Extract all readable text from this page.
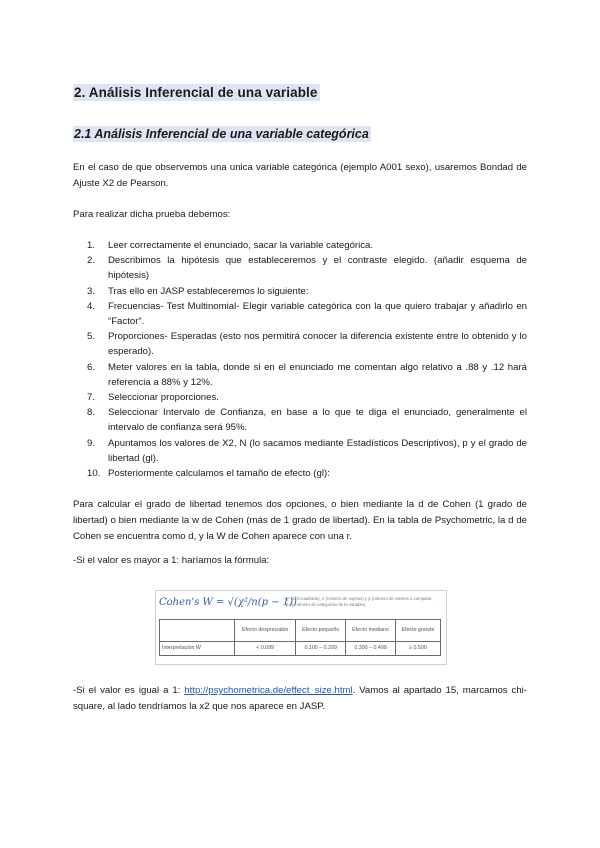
2. Análisis Inferencial de una variable
2.1 Análisis Inferencial de una variable categórica
En el caso de que observemos una unica variable categórica (ejemplo A001 sexo), usaremos Bondad de Ajuste X2 de Pearson.
Para realizar dicha prueba debemos:
1. Leer correctamente el enunciado, sacar la variable categórica.
2. Describimos la hipótesis que estableceremos y el contraste elegido. (añadir esquema de hipótesis)
3. Tras ello en JASP estableceremos lo siguiente:
4. Frecuencias- Test Multinomial- Elegir variable categórica con la que quiero trabajar y añadirlo en “Factor”.
5. Proporciones- Esperadas (esto nos permitirá conocer la diferencia existente entre lo obtenido y lo esperado).
6. Meter valores en la tabla, donde si en el enunciado me comentan algo relativo a .88 y .12 hará referencia a 88% y 12%.
7. Seleccionar proporciones.
8. Seleccionar Intervalo de Confianza, en base a lo que te diga el enunciado, generalmente el intervalo de confianza será 95%.
9. Apuntamos los valores de X2, N (lo sacamos mediante Estadísticos Descriptivos), p y el grado de libertad (gl).
10. Posteriormente calculamos el tamaño de efecto (gl):
Para calcular el grado de libertad tenemos dos opciones, o bien mediante la d de Cohen (1 grado de libertad) o bien mediante la w de Cohen (más de 1 grado de libertad). En la tabla de Psychometric, la d de Cohen se encuentra como d, y la W de Cohen aparece con una r.
-Si el valor es mayor a 1: haríamos la fórmula:
Cohen's W = √(χ²/n(p − 1))
χ² (Chi-cuadrado), n (número de sujetos) y p (número de valores a comparar, p.ej. número de categorías de la variable)
	Efecto despreciable	Efecto pequeño	Efecto mediano	Efecto grande
Interpretación W	< 0.099	0.100 – 0.299	0.300 – 0.499	≥ 0.500
-Si el valor es igual a 1: http://psychometrica.de/effect_size.html. Vamos al apartado 15, marcamos chi-square, al lado tendríamos la x2 que nos aparece en JASP.
